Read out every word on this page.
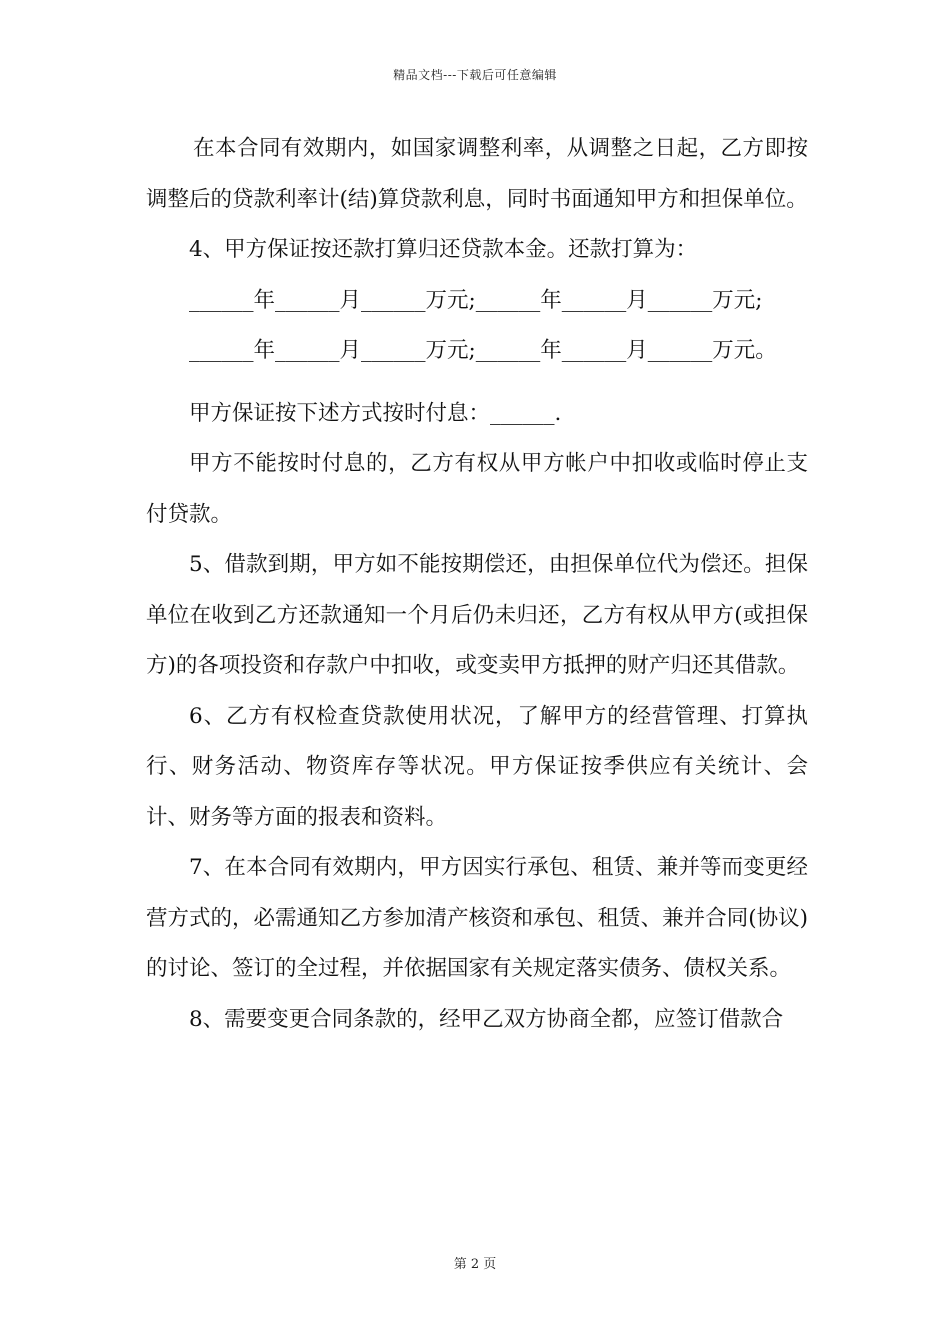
精品文档---下载后可任意编辑

在本合同有效期内，如国家调整利率，从调整之日起，乙方即按调整后的贷款利率计(结)算贷款利息，同时书面通知甲方和担保单位。

4、甲方保证按还款打算归还贷款本金。还款打算为：

______年______月______万元;______年______月______万元;

______年______月______万元;______年______月______万元。

甲方保证按下述方式按时付息：______.

甲方不能按时付息的，乙方有权从甲方帐户中扣收或临时停止支付贷款。

5、借款到期，甲方如不能按期偿还，由担保单位代为偿还。担保单位在收到乙方还款通知一个月后仍未归还，乙方有权从甲方(或担保方)的各项投资和存款户中扣收，或变卖甲方抵押的财产归还其借款。

6、乙方有权检查贷款使用状况，了解甲方的经营管理、打算执行、财务活动、物资库存等状况。甲方保证按季供应有关统计、会计、财务等方面的报表和资料。

7、在本合同有效期内，甲方因实行承包、租赁、兼并等而变更经营方式的，必需通知乙方参加清产核资和承包、租赁、兼并合同(协议)的讨论、签订的全过程，并依据国家有关规定落实债务、债权关系。

8、需要变更合同条款的，经甲乙双方协商全都，应签订借款合

第 2 页
